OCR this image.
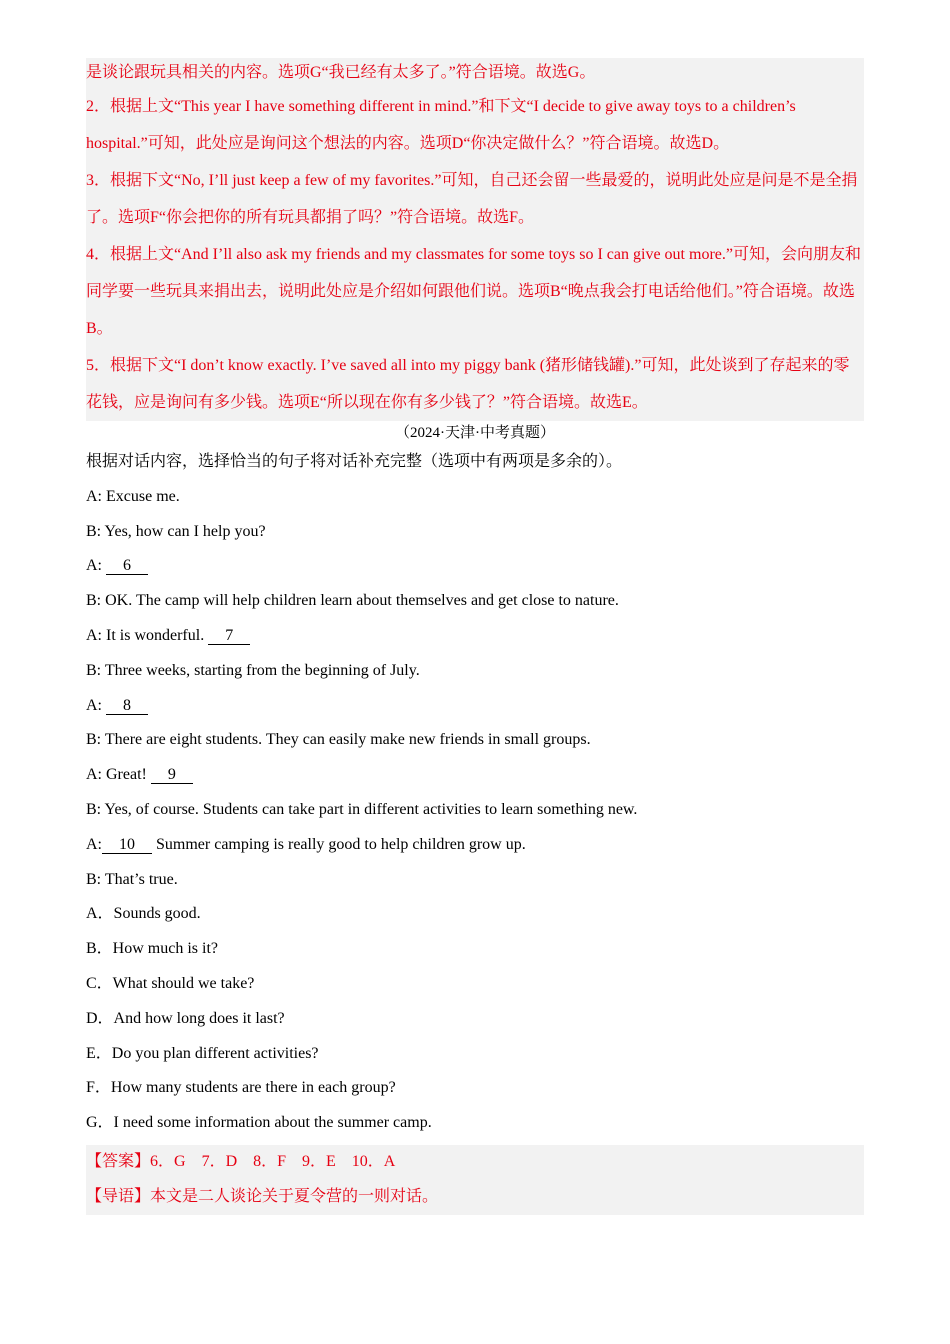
是谈论跟玩具相关的内容。选项G“我已经有太多了。”符合语境。故选G。

2．根据上文“This year I have something different in mind.”和下文“I decide to give away toys to a children’s hospital.”可知，此处应是询问这个想法的内容。选项D“你决定做什么？”符合语境。故选D。

3．根据下文“No, I’ll just keep a few of my favorites.”可知，自己还会留一些最爱的，说明此处应是问是不是全捐了。选项F“你会把你的所有玩具都捐了吗？”符合语境。故选F。

4．根据上文“And I’ll also ask my friends and my classmates for some toys so I can give out more.”可知，会向朋友和同学要一些玩具来捐出去，说明此处应是介绍如何跟他们说。选项B“晚点我会打电话给他们。”符合语境。故选B。

5．根据下文“I don’t know exactly. I’ve saved all into my piggy bank (猪形储钱罐).”可知，此处谈到了存起来的零花钱，应是询问有多少钱。选项E“所以现在你有多少钱了？”符合语境。故选E。

（2024·天津·中考真题）

根据对话内容，选择恰当的句子将对话补充完整（选项中有两项是多余的）。

A: Excuse me.

B: Yes, how can I help you?

A: 6

B: OK. The camp will help children learn about themselves and get close to nature.

A: It is wonderful. 7

B: Three weeks, starting from the beginning of July.

A: 8

B: There are eight students. They can easily make new friends in small groups.

A: Great! 9

B: Yes, of course. Students can take part in different activities to learn something new.

A: 10 Summer camping is really good to help children grow up.

B: That’s true.

A．Sounds good.

B．How much is it?

C．What should we take?

D．And how long does it last?

E．Do you plan different activities?

F．How many students are there in each group?

G．I need some information about the summer camp.

【答案】6．G　7．D　8．F　9．E　10．A

【导语】本文是二人谈论关于夏令营的一则对话。
